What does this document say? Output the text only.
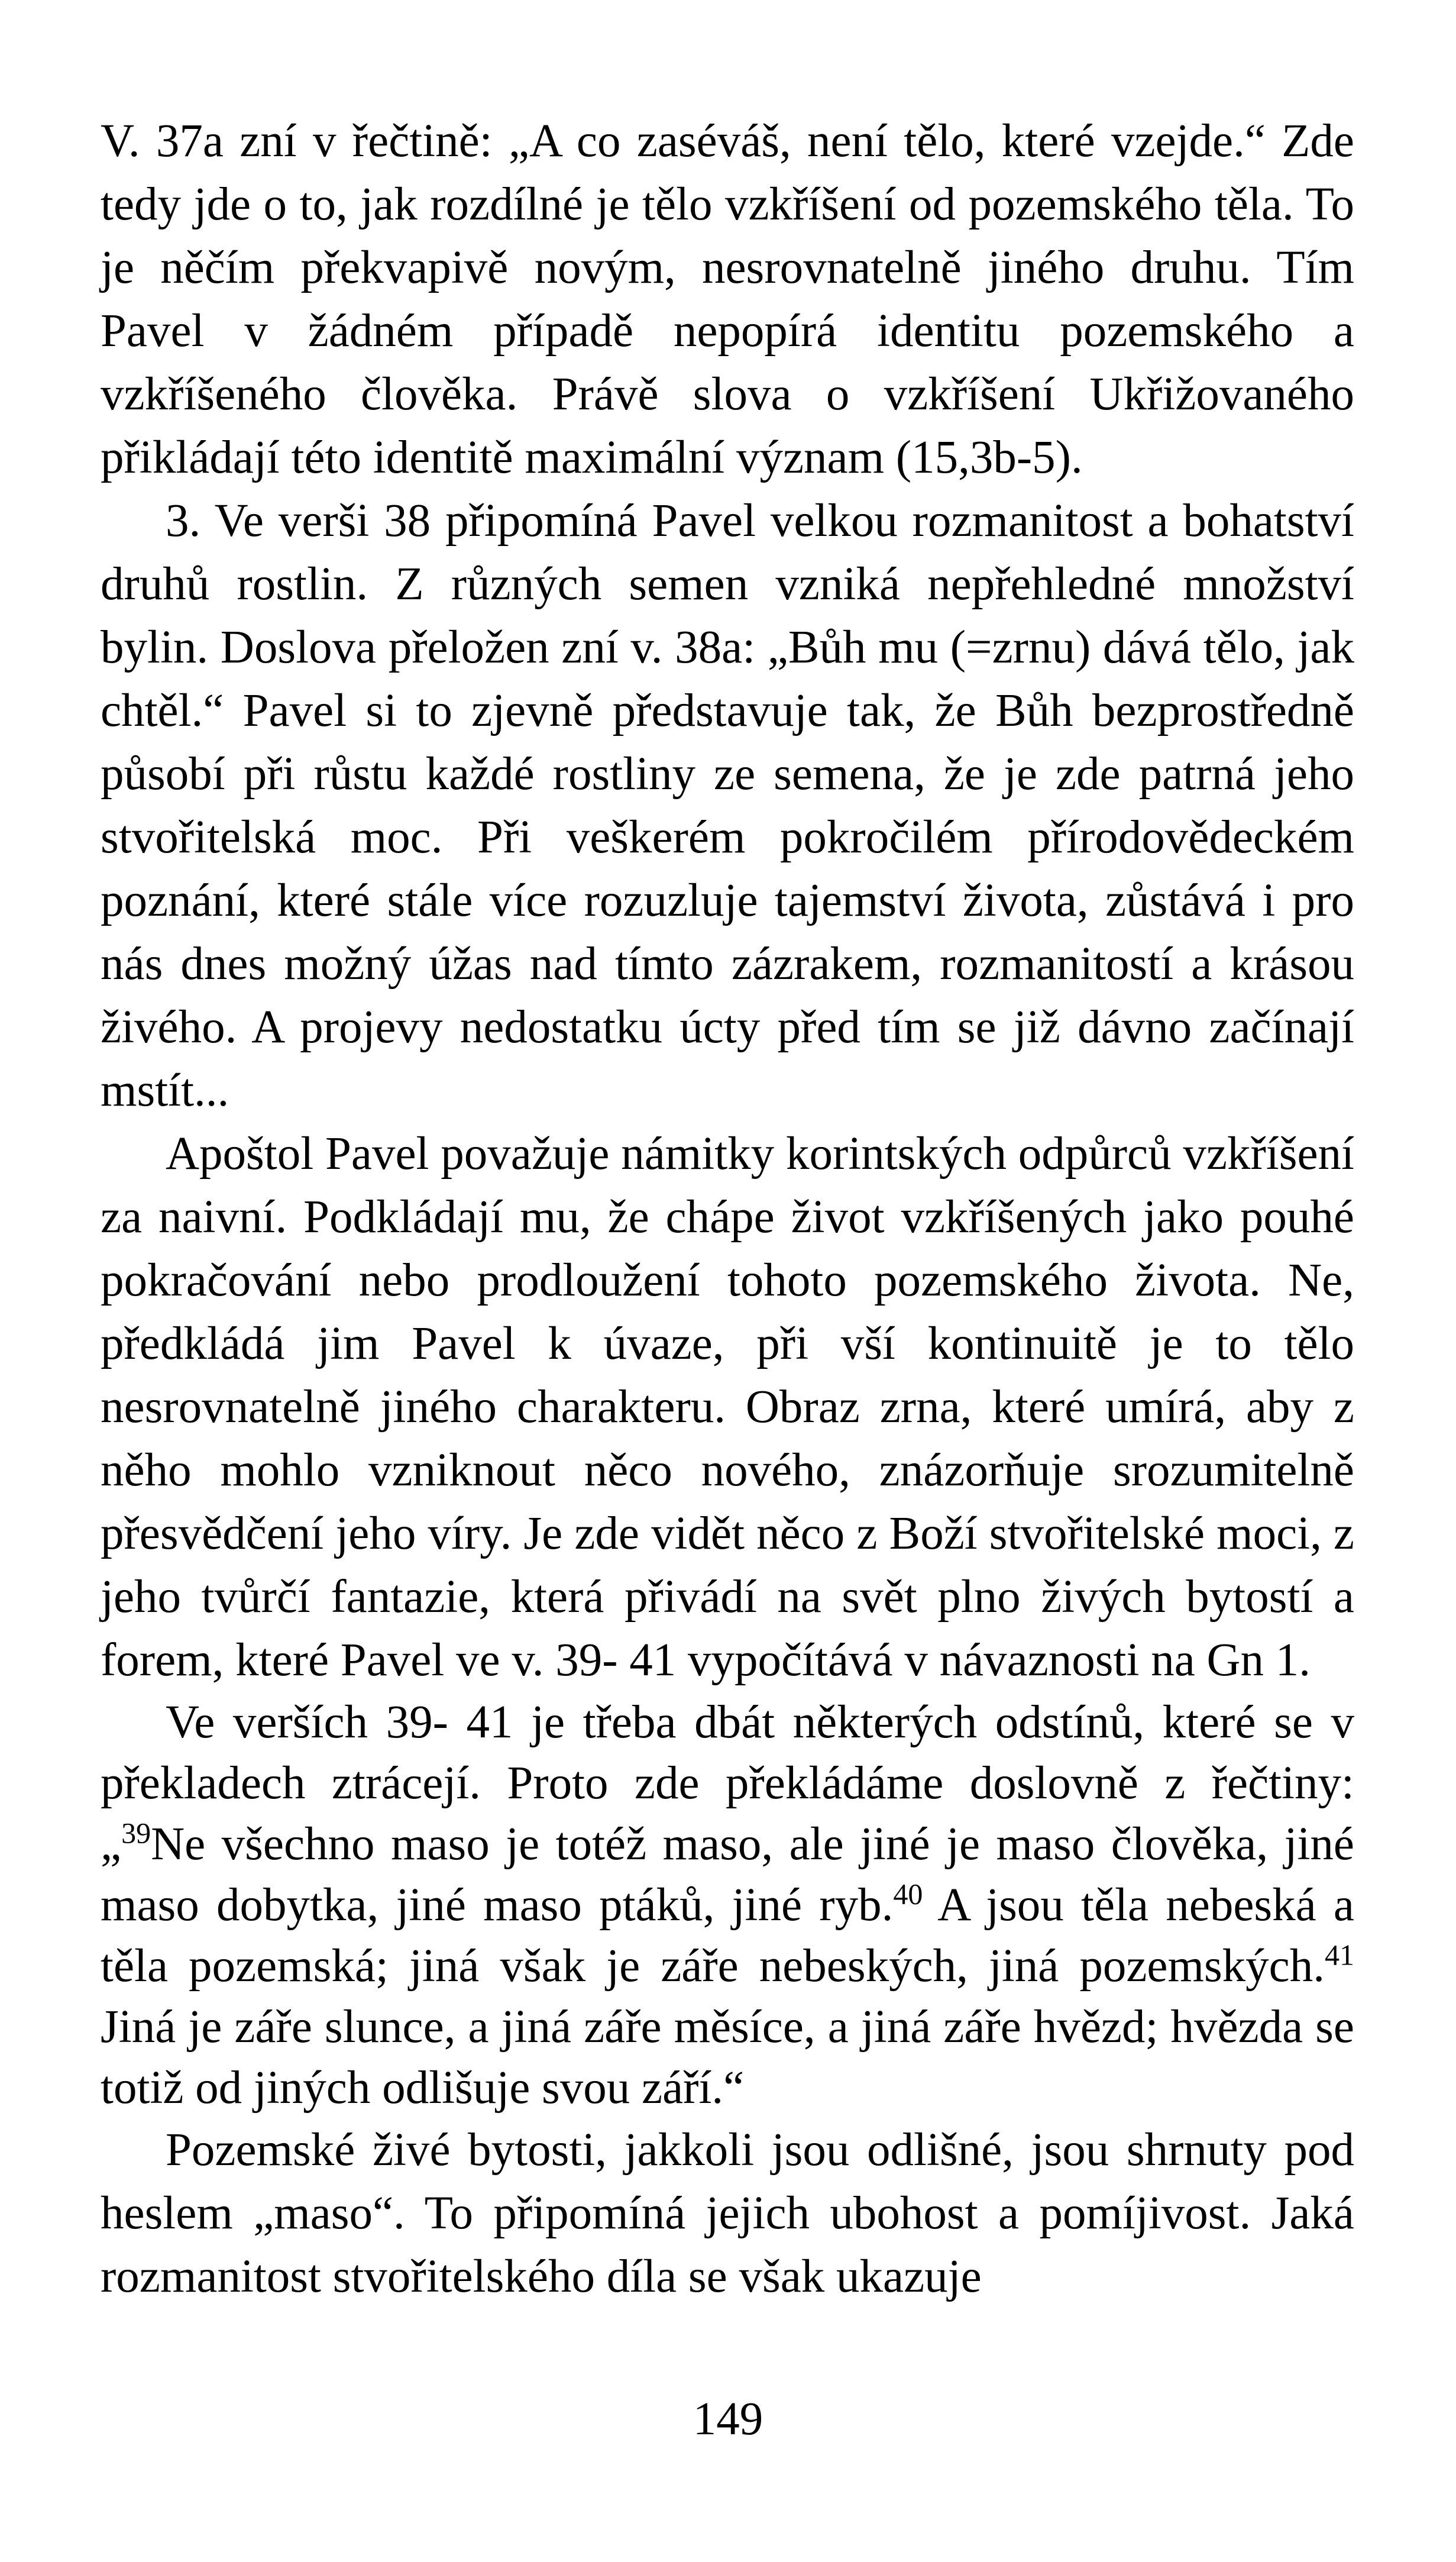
V. 37a zní v řečtině: „A co zaséváš, není tělo, které vzejde.“ Zde tedy jde o to, jak rozdílné je tělo vzkříšení od pozemského těla. To je něčím překvapivě novým, nesrovnatelně jiného druhu. Tím Pavel v žádném případě nepopírá identitu pozemského a vzkříšeného člověka. Právě slova o vzkříšení Ukřižovaného přikládají této identitě maximální význam (15,3b-5).

3. Ve verši 38 připomíná Pavel velkou rozmanitost a bohatství druhů rostlin. Z různých semen vzniká nepřehledné množství bylin. Doslova přeložen zní v. 38a: „Bůh mu (=zrnu) dává tělo, jak chtěl.“ Pavel si to zjevně představuje tak, že Bůh bezprostředně působí při růstu každé rostliny ze semena, že je zde patrná jeho stvořitelská moc. Při veškerém pokročilém přírodovědeckém poznání, které stále více rozuzluje tajemství života, zůstává i pro nás dnes možný úžas nad tímto zázrakem, rozmanitostí a krásou živého. A projevy nedostatku úcty před tím se již dávno začínají mstít...

Apoštol Pavel považuje námitky korintských odpůrců vzkříšení za naivní. Podkládají mu, že chápe život vzkříšených jako pouhé pokračování nebo prodloužení tohoto pozemského života. Ne, předkládá jim Pavel k úvaze, při vší kontinuitě je to tělo nesrovnatelně jiného charakteru. Obraz zrna, které umírá, aby z něho mohlo vzniknout něco nového, znázorňuje srozumitelně přesvědčení jeho víry. Je zde vidět něco z Boží stvořitelské moci, z jeho tvůrčí fantazie, která přivádí na svět plno živých bytostí a forem, které Pavel ve v. 39- 41 vypočítává v návaznosti na Gn 1.

Ve verších 39- 41 je třeba dbát některých odstínů, které se v překladech ztrácejí. Proto zde překládáme doslovně z řečtiny: „$^{39}$Ne všechno maso je totéž maso, ale jiné je maso člověka, jiné maso dobytka, jiné maso ptáků, jiné ryb.$^{40}$ A jsou těla nebeská a těla pozemská; jiná však je záře nebeských, jiná pozemských.$^{41}$ Jiná je záře slunce, a jiná záře měsíce, a jiná záře hvězd; hvězda se totiž od jiných odlišuje svou září.“

Pozemské živé bytosti, jakkoli jsou odlišné, jsou shrnuty pod heslem „maso“. To připomíná jejich ubohost a pomíjivost. Jaká rozmanitost stvořitelského díla se však ukazuje

149
